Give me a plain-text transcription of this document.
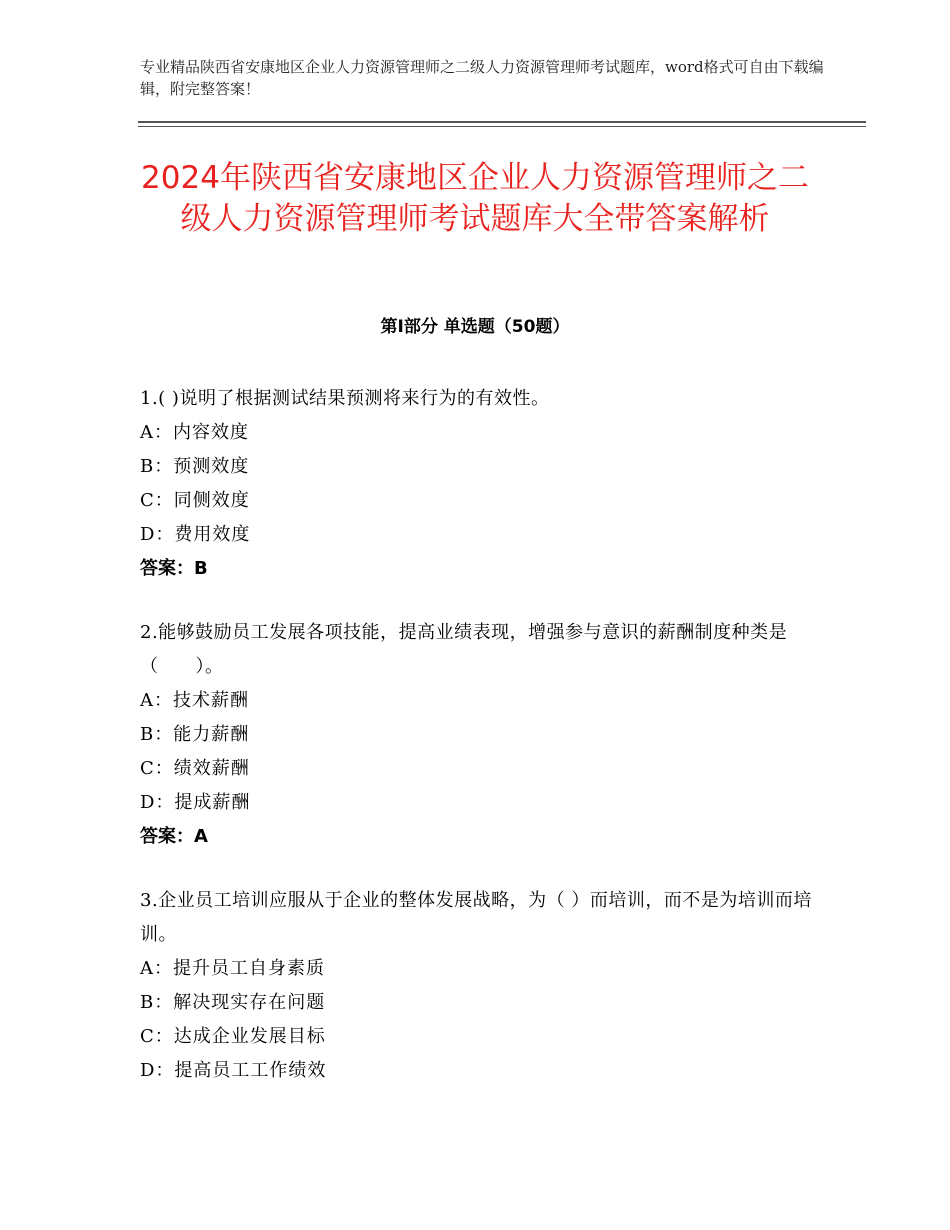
专业精品陕西省安康地区企业人力资源管理师之二级人力资源管理师考试题库，word格式可自由下载编辑，附完整答案！
2024年陕西省安康地区企业人力资源管理师之二级人力资源管理师考试题库大全带答案解析
第Ⅰ部分 单选题（50题）
1.( )说明了根据测试结果预测将来行为的有效性。
A：内容效度
B：预测效度
C：同侧效度
D：费用效度
答案：B
2.能够鼓励员工发展各项技能，提高业绩表现，增强参与意识的薪酬制度种类是（　　）。
A：技术薪酬
B：能力薪酬
C：绩效薪酬
D：提成薪酬
答案：A
3.企业员工培训应服从于企业的整体发展战略，为（ ）而培训，而不是为培训而培训。
A：提升员工自身素质
B：解决现实存在问题
C：达成企业发展目标
D：提高员工工作绩效
